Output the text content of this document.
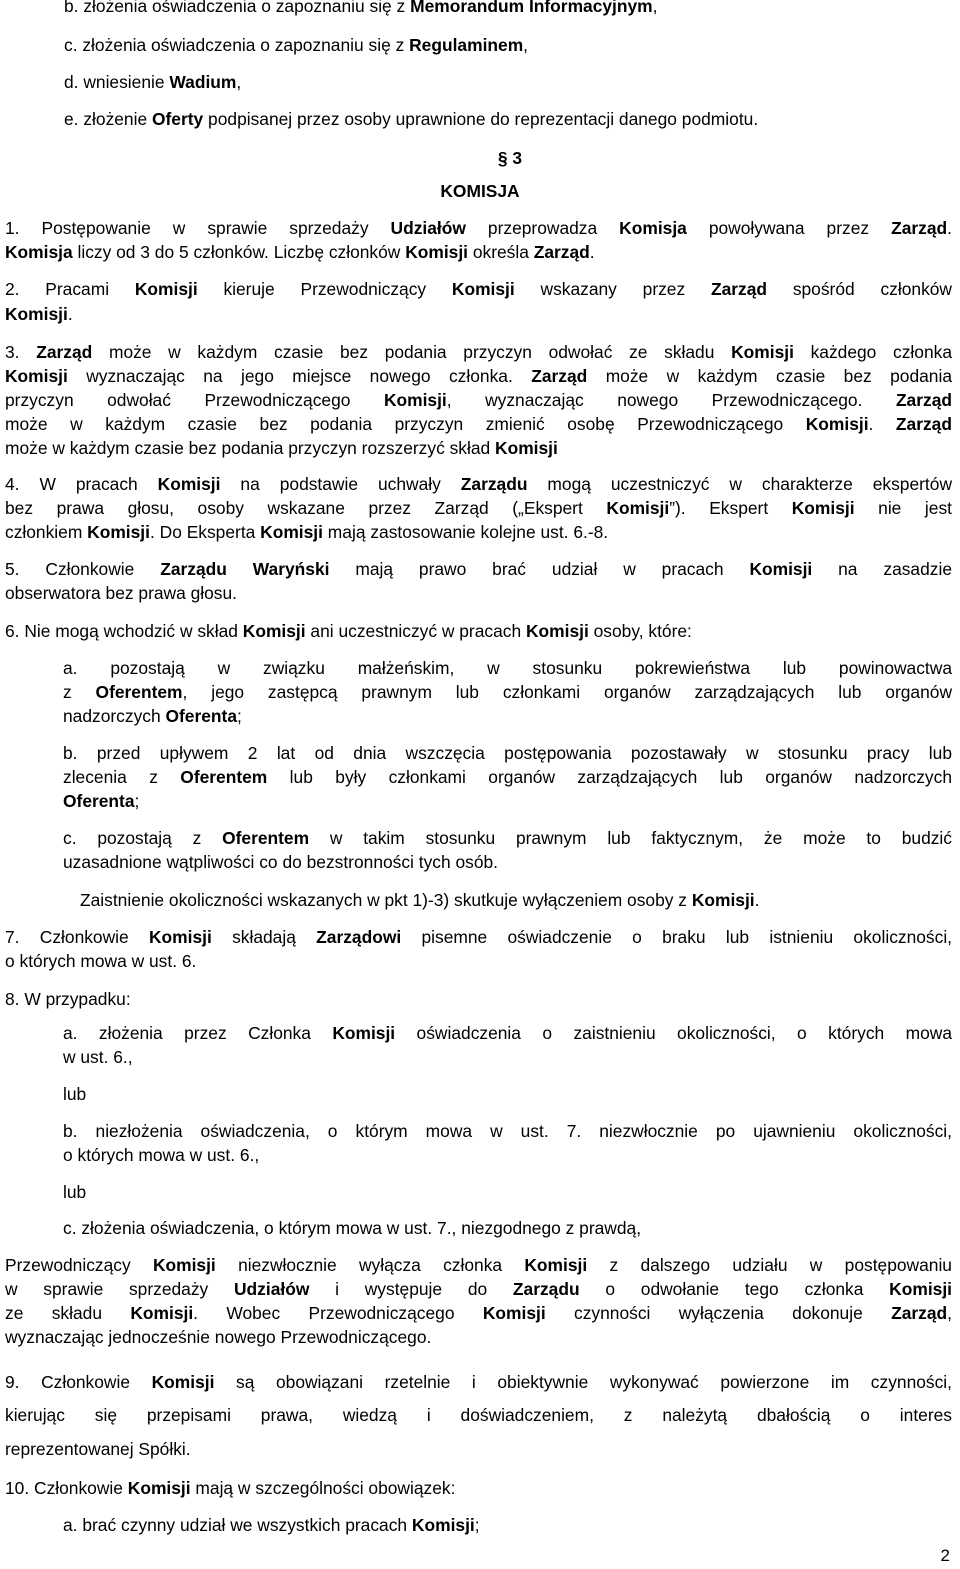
b. złożenia oświadczenia o zapoznaniu się z Memorandum Informacyjnym,
c. złożenia oświadczenia o zapoznaniu się z Regulaminem,
d. wniesienie Wadium,
e. złożenie Oferty podpisanej przez osoby uprawnione do reprezentacji danego podmiotu.
§ 3
KOMISJA
1. Postępowanie w sprawie sprzedaży Udziałów przeprowadza Komisja powoływana przez Zarząd.
Komisja liczy od 3 do 5 członków. Liczbę członków Komisji określa Zarząd.
2. Pracami Komisji kieruje Przewodniczący Komisji wskazany przez Zarząd spośród członków
Komisji.
3. Zarząd może w każdym czasie bez podania przyczyn odwołać ze składu Komisji każdego członka
Komisji wyznaczając na jego miejsce nowego członka. Zarząd może w każdym czasie bez podania
przyczyn odwołać Przewodniczącego Komisji, wyznaczając nowego Przewodniczącego. Zarząd
może w każdym czasie bez podania przyczyn zmienić osobę Przewodniczącego Komisji. Zarząd
może w każdym czasie bez podania przyczyn rozszerzyć skład Komisji
4. W pracach Komisji na podstawie uchwały Zarządu mogą uczestniczyć w charakterze ekspertów
bez prawa głosu, osoby wskazane przez Zarząd („Ekspert Komisji”). Ekspert Komisji nie jest
członkiem Komisji. Do Eksperta Komisji mają zastosowanie kolejne ust. 6.-8.
5. Członkowie Zarządu Waryński mają prawo brać udział w pracach Komisji na zasadzie
obserwatora bez prawa głosu.
6. Nie mogą wchodzić w skład Komisji ani uczestniczyć w pracach Komisji osoby, które:
a. pozostają w związku małżeńskim, w stosunku pokrewieństwa lub powinowactwa
z Oferentem, jego zastępcą prawnym lub członkami organów zarządzających lub organów
nadzorczych Oferenta;
b. przed upływem 2 lat od dnia wszczęcia postępowania pozostawały w stosunku pracy lub
zlecenia z Oferentem lub były członkami organów zarządzających lub organów nadzorczych
Oferenta;
c. pozostają z Oferentem w takim stosunku prawnym lub faktycznym, że może to budzić
uzasadnione wątpliwości co do bezstronności tych osób.
Zaistnienie okoliczności wskazanych w pkt 1)-3) skutkuje wyłączeniem osoby z Komisji.
7. Członkowie Komisji składają Zarządowi pisemne oświadczenie o braku lub istnieniu okoliczności,
o których mowa w ust. 6.
8. W przypadku:
a. złożenia przez Członka Komisji oświadczenia o zaistnieniu okoliczności, o których mowa
w ust. 6.,
lub
b. niezłożenia oświadczenia, o którym mowa w ust. 7. niezwłocznie po ujawnieniu okoliczności,
o których mowa w ust. 6.,
lub
c. złożenia oświadczenia, o którym mowa w ust. 7., niezgodnego z prawdą,
Przewodniczący Komisji niezwłocznie wyłącza członka Komisji z dalszego udziału w postępowaniu
w sprawie sprzedaży Udziałów i występuje do Zarządu o odwołanie tego członka Komisji
ze składu Komisji. Wobec Przewodniczącego Komisji czynności wyłączenia dokonuje Zarząd,
wyznaczając jednocześnie nowego Przewodniczącego.
9. Członkowie Komisji są obowiązani rzetelnie i obiektywnie wykonywać powierzone im czynności,
kierując się przepisami prawa, wiedzą i doświadczeniem, z należytą dbałością o interes
reprezentowanej Spółki.
10. Członkowie Komisji mają w szczególności obowiązek:
a. brać czynny udział we wszystkich pracach Komisji;
2
